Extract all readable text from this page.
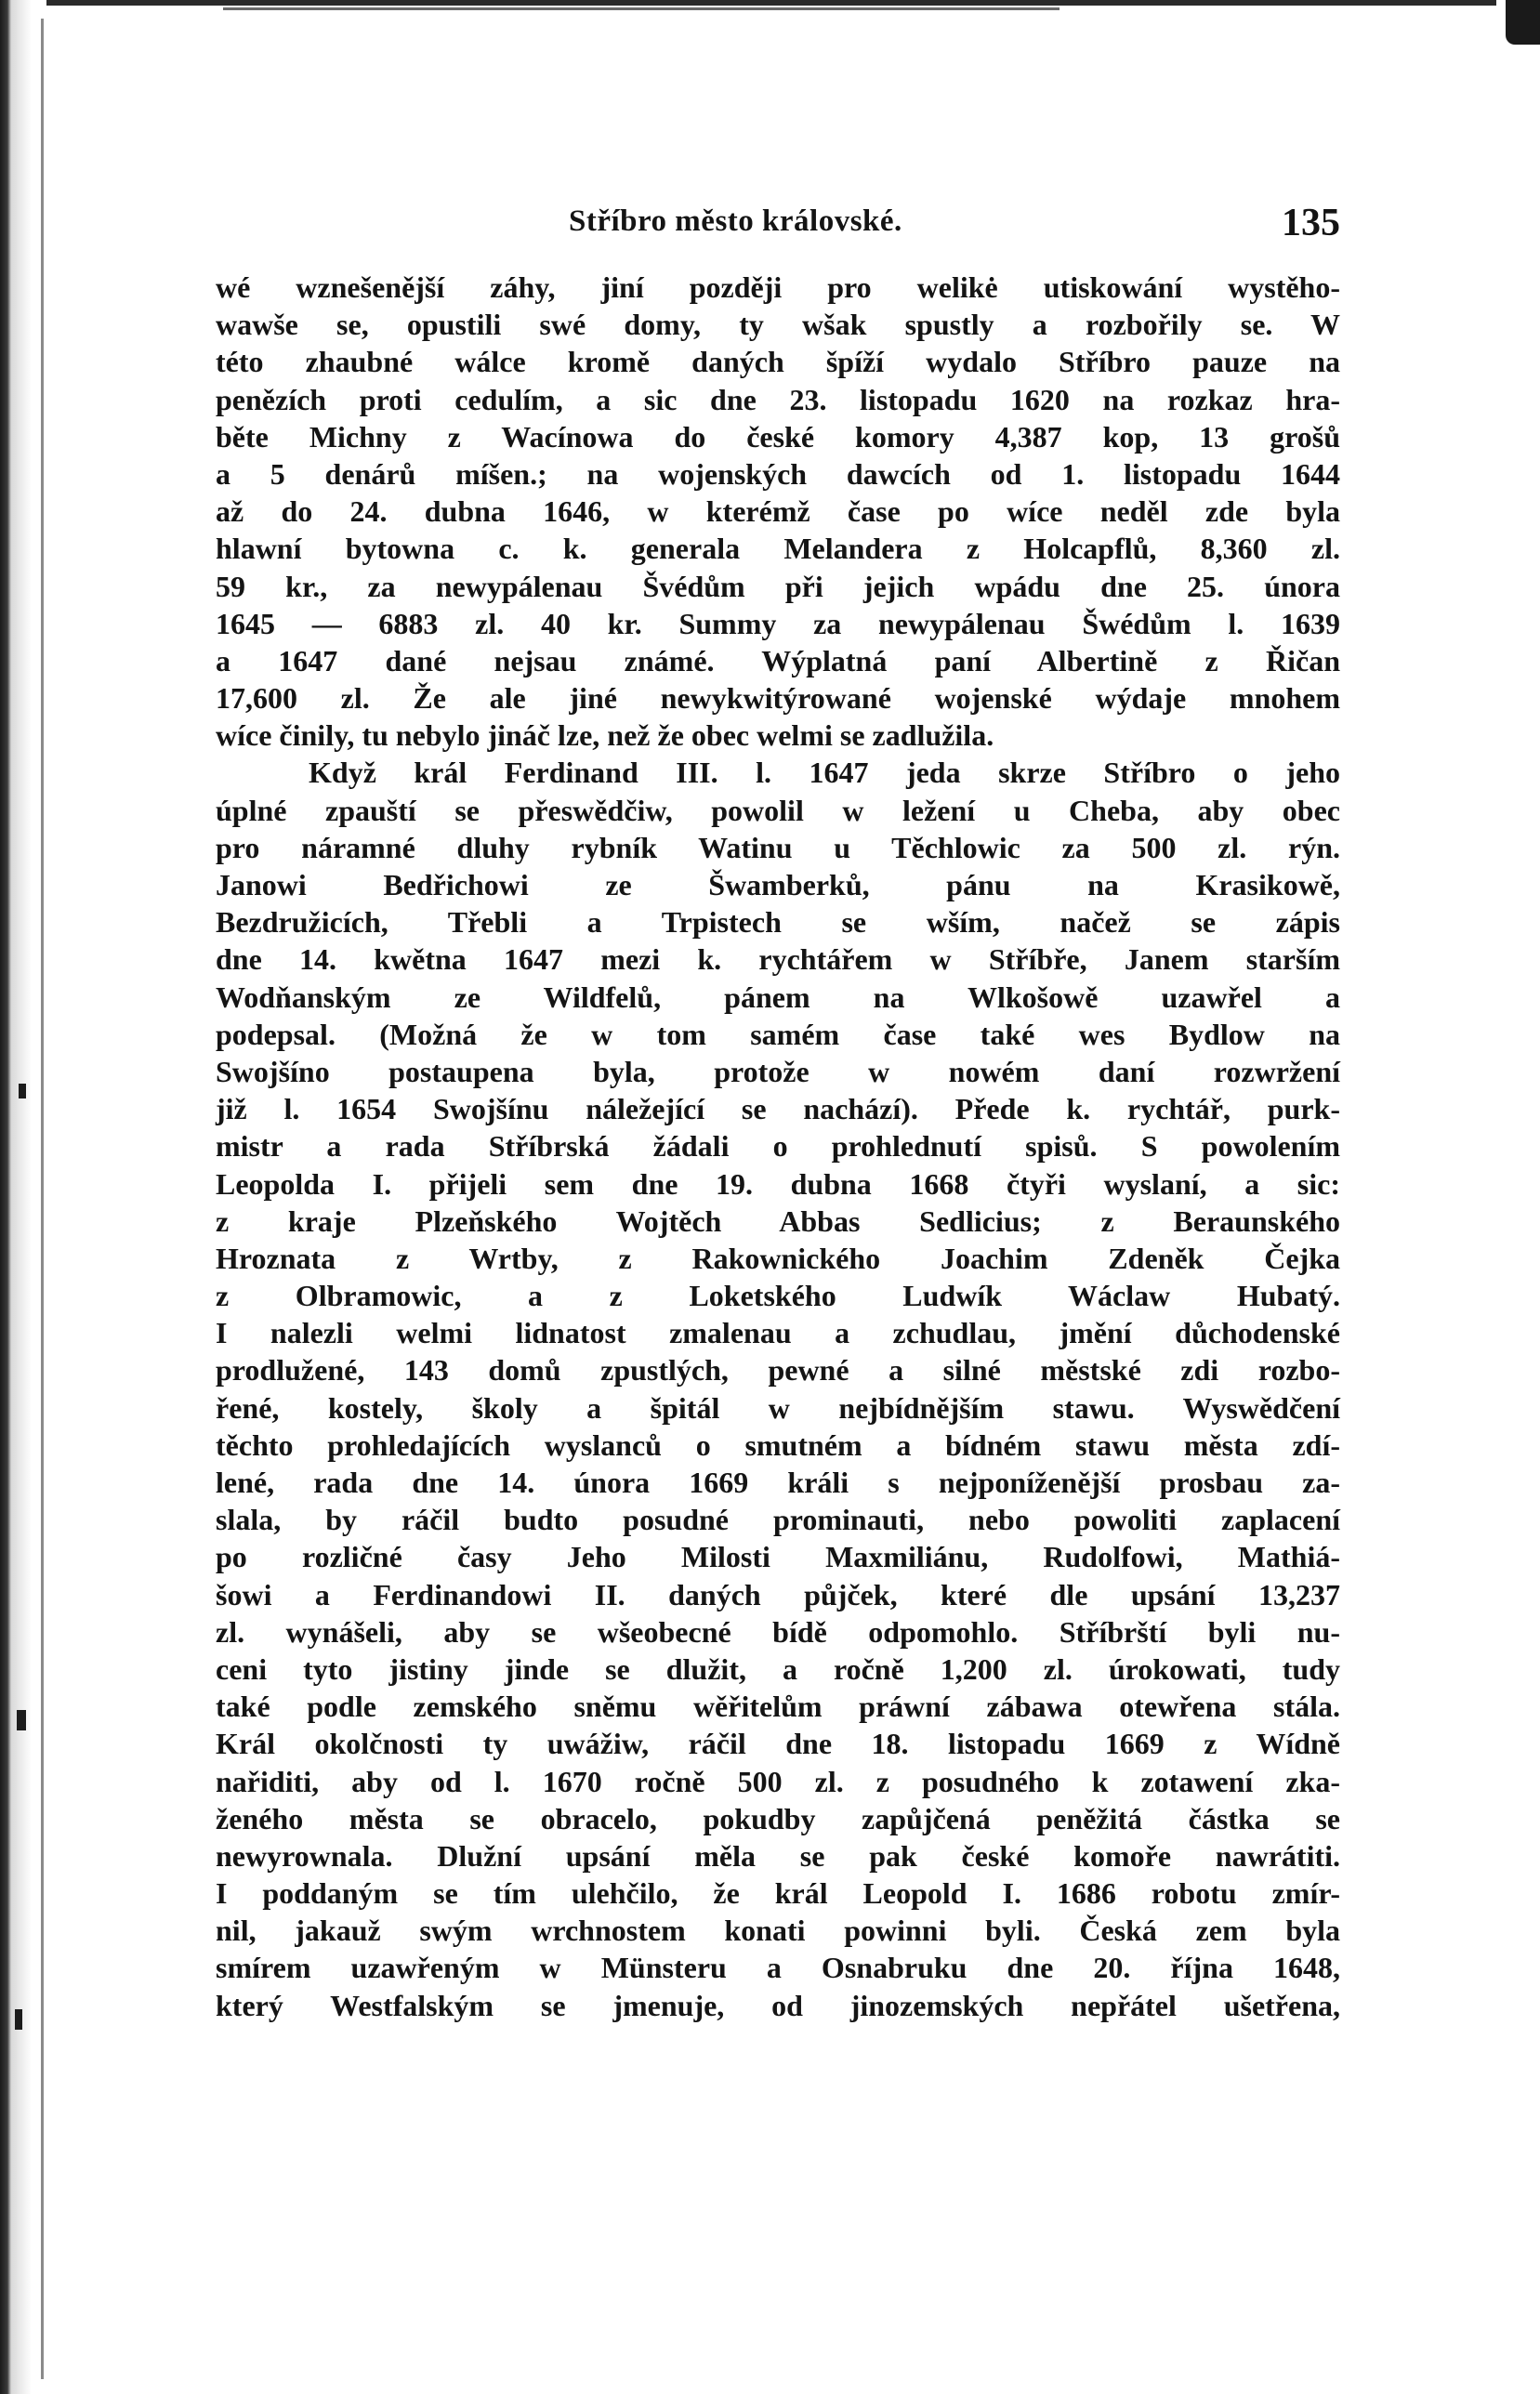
Stříbro město královské.	135
wé wznešenější záhy, jiní později pro welikė utiskowání wystěho-
wawše se, opustili swé domy, ty wšak spustly a rozbořily se. W
této zhaubné wálce kromě daných špíží wydalo Stříbro pauze na
penězích proti cedulím, a sic dne 23. listopadu 1620 na rozkaz hra-
běte Michny z Wacínowa do české komory 4,387 kop, 13 grošů
a 5 denárů míšen.; na wojenských dawcích od 1. listopadu 1644
až do 24. dubna 1646, w kterémž čase po wíce neděl zde byla
hlawní bytowna c. k. generala Melandera z Holcapflů, 8,360 zl.
59 kr., za newypálenau Švédům při jejich wpádu dne 25. února
1645 — 6883 zl. 40 kr. Summy za newypálenau Šwédům l. 1639
a 1647 dané nejsau známé. Wýplatná paní Albertině z Řičan
17,600 zl. Že ale jiné newykwitýrowané wojenské wýdaje mnohem
wíce činily, tu nebylo jináč lze, než že obec welmi se zadlužila.
Když král Ferdinand III. l. 1647 jeda skrze Stříbro o jeho
úplné zpauští se přeswědčiw, powolil w ležení u Cheba, aby obec
pro náramné dluhy rybník Watinu u Těchlowic za 500 zl. rýn.
Janowi Bedřichowi ze Šwamberků, pánu na Krasikowě,
Bezdružicích, Třebli a Trpistech se wším, načež se zápis
dne 14. kwětna 1647 mezi k. rychtářem w Stříbře, Janem starším
Wodňanským ze Wildfelů, pánem na Wlkošowě uzawřel a
podepsal. (Možná že w tom samém čase také wes Bydlow na
Swojšíno postaupena byla, protože w nowém daní rozwržení
již l. 1654 Swojšínu náležející se nachází). Přede k. rychtář, purk-
mistr a rada Stříbrská žádali o prohlednutí spisů. S powolením
Leopolda I. přijeli sem dne 19. dubna 1668 čtyři wyslaní, a sic:
z kraje Plzeňského Wojtěch Abbas Sedlicius; z Beraunského
Hroznata z Wrtby, z Rakownického Joachim Zdeněk Čejka
z Olbramowic, a z Loketského Ludwík Wáclaw Hubatý.
I nalezli welmi lidnatost zmalenau a zchudlau, jmění důchodenské
prodlužené, 143 domů zpustlých, pewné a silné městské zdi rozbo-
řené, kostely, školy a špitál w nejbídnějším stawu. Wyswědčení
těchto prohledajících wyslanců o smutném a bídném stawu města zdí-
lené, rada dne 14. února 1669 králi s nejponíženější prosbau za-
slala, by ráčil budto posudné prominauti, nebo powoliti zaplacení
po rozličné časy Jeho Milosti Maxmiliánu, Rudolfowi, Mathiá-
šowi a Ferdinandowi II. daných půjček, které dle upsání 13,237
zl. wynášeli, aby se wšeobecné bídě odpomohlo. Stříbrští byli nu-
ceni tyto jistiny jinde se dlužit, a ročně 1,200 zl. úrokowati, tudy
také podle zemského sněmu wěřitelům práwní zábawa otewřena stála.
Král okolčnosti ty uwážiw, ráčil dne 18. listopadu 1669 z Wídně
nařiditi, aby od l. 1670 ročně 500 zl. z posudného k zotawení zka-
ženého města se obracelo, pokudby zapůjčená peněžitá částka se
newyrownala. Dlužní upsání měla se pak české komoře nawrátiti.
I poddaným se tím ulehčilo, že král Leopold I. 1686 robotu zmír-
nil, jakauž swým wrchnostem konati powinni byli. Česká zem byla
smírem uzawřeným w Münsteru a Osnabruku dne 20. října 1648,
který Westfalským se jmenuje, od jinozemských nepřátel ušetřena,
